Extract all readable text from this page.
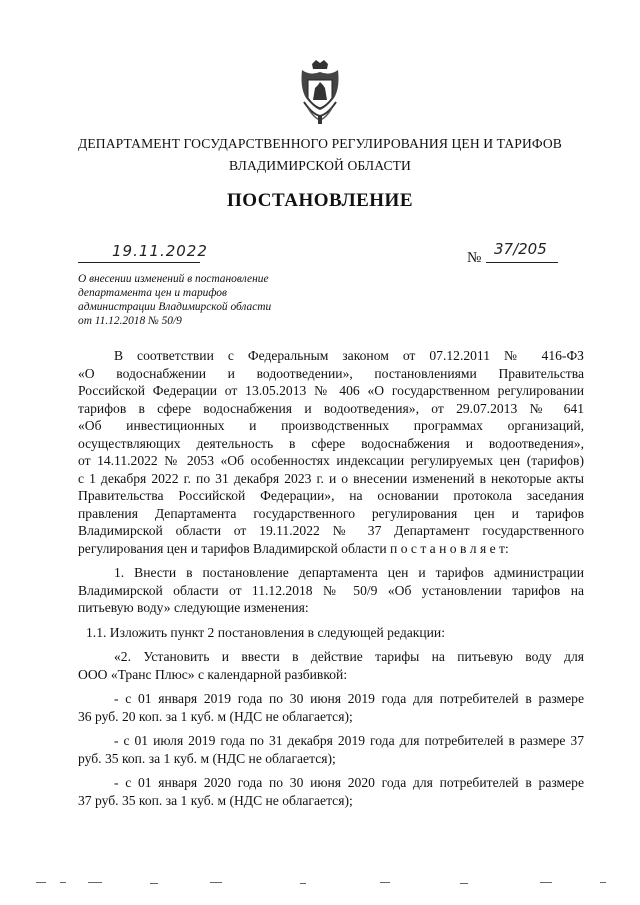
ДЕПАРТАМЕНТ ГОСУДАРСТВЕННОГО РЕГУЛИРОВАНИЯ ЦЕН И ТАРИФОВ
ВЛАДИМИРСКОЙ ОБЛАСТИ
ПОСТАНОВЛЕНИЕ
19.11.2022	№ 37/205
О внесении изменений в постановление
департамента цен и тарифов
администрации Владимирской области
от 11.12.2018 № 50/9
В соответствии с Федеральным законом от 07.12.2011 № 416-ФЗ
«О водоснабжении и водоотведении», постановлениями Правительства
Российской Федерации от 13.05.2013 № 406 «О государственном регулировании
тарифов в сфере водоснабжения и водоотведения», от 29.07.2013 № 641
«Об инвестиционных и производственных программах организаций,
осуществляющих деятельность в сфере водоснабжения и водоотведения»,
от 14.11.2022 № 2053 «Об особенностях индексации регулируемых цен (тарифов)
с 1 декабря 2022 г. по 31 декабря 2023 г. и о внесении изменений в некоторые акты
Правительства Российской Федерации», на основании протокола заседания
правления Департамента государственного регулирования цен и тарифов
Владимирской области от 19.11.2022 № 37 Департамент государственного
регулирования цен и тарифов Владимирской области п о с т а н о в л я е т:
1. Внести в постановление департамента цен и тарифов администрации
Владимирской области от 11.12.2018 № 50/9 «Об установлении тарифов на
питьевую воду» следующие изменения:
1.1. Изложить пункт 2 постановления в следующей редакции:
«2. Установить и ввести в действие тарифы на питьевую воду для
ООО «Транс Плюс» с календарной разбивкой:
- с 01 января 2019 года по 30 июня 2019 года для потребителей в размере
36 руб. 20 коп. за 1 куб. м (НДС не облагается);
- с 01 июля 2019 года по 31 декабря 2019 года для потребителей в размере 37
руб. 35 коп. за 1 куб. м (НДС не облагается);
- с 01 января 2020 года по 30 июня 2020 года для потребителей в размере
37 руб. 35 коп. за 1 куб. м (НДС не облагается);
